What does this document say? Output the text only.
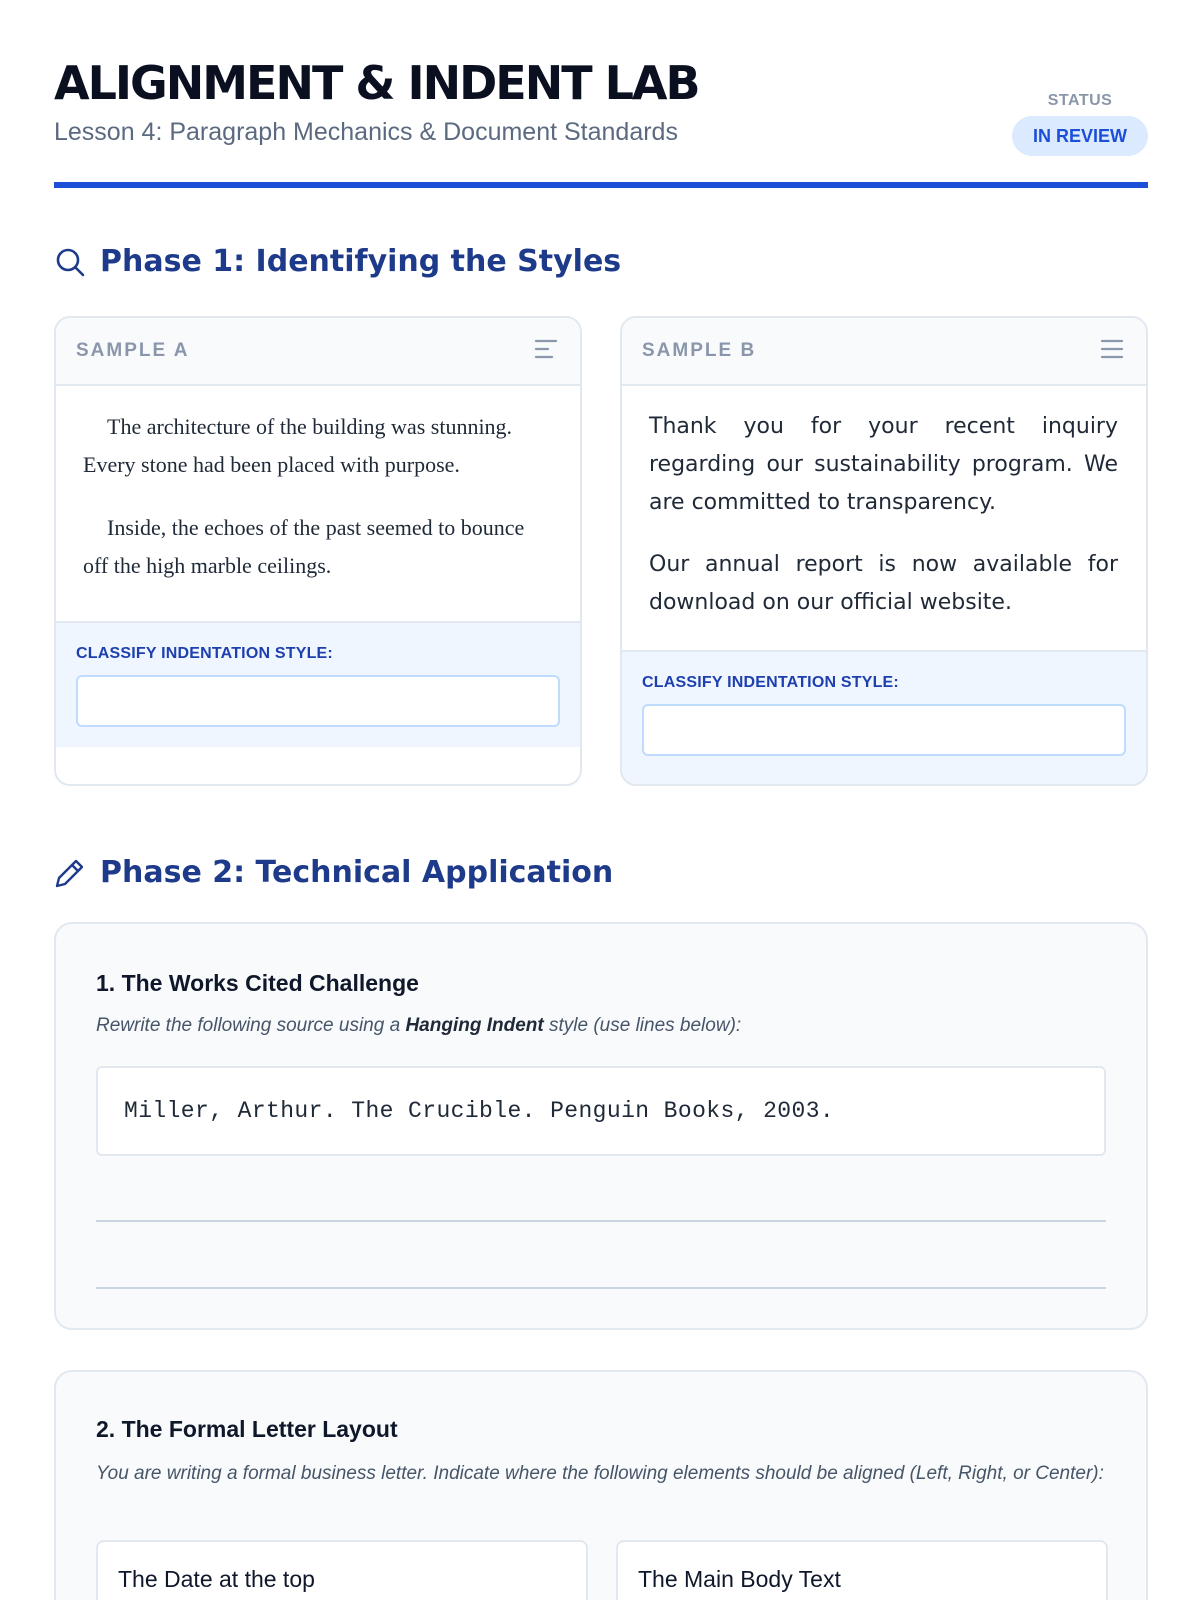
ALIGNMENT & INDENT LAB
Lesson 4: Paragraph Mechanics & Document Standards
STATUS
IN REVIEW
Phase 1: Identifying the Styles
SAMPLE A

The architecture of the building was stunning. Every stone had been placed with purpose.

Inside, the echoes of the past seemed to bounce off the high marble ceilings.

CLASSIFY INDENTATION STYLE:
SAMPLE B

Thank you for your recent inquiry regarding our sustainability program. We are committed to transparency.

Our annual report is now available for download on our official website.

CLASSIFY INDENTATION STYLE:
Phase 2: Technical Application
1. The Works Cited Challenge
Rewrite the following source using a Hanging Indent style (use lines below):
Miller, Arthur. The Crucible. Penguin Books, 2003.
2. The Formal Letter Layout
You are writing a formal business letter. Indicate where the following elements should be aligned (Left, Right, or Center):
The Date at the top	The Main Body Text
